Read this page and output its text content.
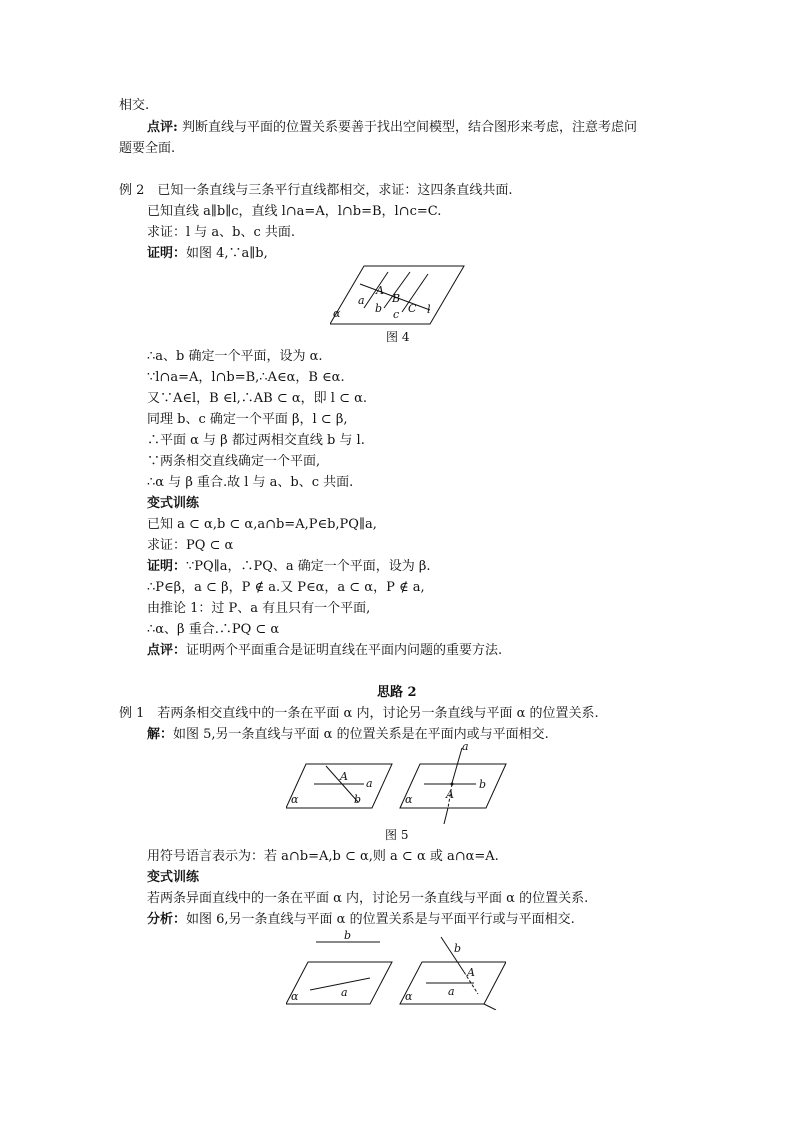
相交.
点评: 判断直线与平面的位置关系要善于找出空间模型，结合图形来考虑，注意考虑问
题要全面.
例 2　已知一条直线与三条平行直线都相交，求证：这四条直线共面.
已知直线 a∥b∥c，直线 l∩a=A，l∩b=B，l∩c=C.
求证：l 与 a、b、c 共面.
证明：如图 4,∵a∥b,
α
a
A
B
b c C l
图 4
∴a、b 确定一个平面，设为 α.
∵l∩a=A，l∩b=B,∴A∈α，B ∈α.
又∵A∈l，B ∈l,∴AB ⊂ α，即 l ⊂ α.
同理 b、c 确定一个平面 β，l ⊂ β,
∴平面 α 与 β 都过两相交直线 b 与 l.
∵两条相交直线确定一个平面,
∴α 与 β 重合.故 l 与 a、b、c 共面.
变式训练
已知 a ⊂ α,b ⊂ α,a∩b=A,P∈b,PQ∥a,
求证：PQ ⊂ α
证明：∵PQ∥a，∴PQ、a 确定一个平面，设为 β.
∴P∈β，a ⊂ β，P ∉ a.又 P∈α，a ⊂ α，P ∉ a,
由推论 1：过 P、a 有且只有一个平面,
∴α、β 重合.∴PQ ⊂ α
点评：证明两个平面重合是证明直线在平面内问题的重要方法.
思路 2
例 1　若两条相交直线中的一条在平面 α 内，讨论另一条直线与平面 α 的位置关系.
解：如图 5,另一条直线与平面 α 的位置关系是在平面内或与平面相交.
α
A
a
b	α
a
A
b
图 5
用符号语言表示为：若 a∩b=A,b ⊂ α,则 a ⊂ α 或 a∩α=A.
变式训练
若两条异面直线中的一条在平面 α 内，讨论另一条直线与平面 α 的位置关系.
分析：如图 6,另一条直线与平面 α 的位置关系是与平面平行或与平面相交.
b
a
α
b
A
a
α
